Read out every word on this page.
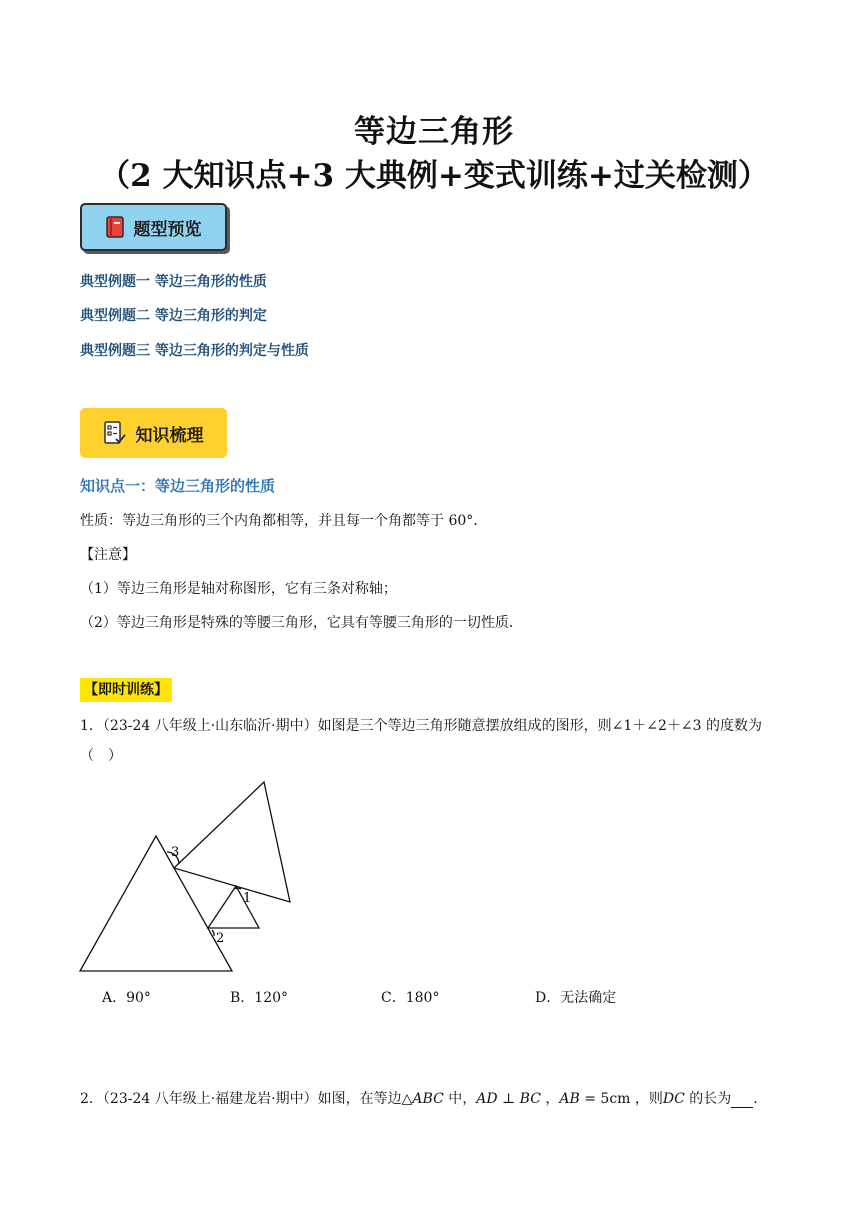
等边三角形
（2 大知识点+3 大典例+变式训练+过关检测）
题型预览
典型例题一 等边三角形的性质
典型例题二 等边三角形的判定
典型例题三 等边三角形的判定与性质
知识梳理
知识点一：等边三角形的性质
性质：等边三角形的三个内角都相等，并且每一个角都等于 60°．
【注意】
（1）等边三角形是轴对称图形，它有三条对称轴；
（2）等边三角形是特殊的等腰三角形，它具有等腰三角形的一切性质．
【即时训练】
1．（23-24 八年级上·山东临沂·期中）如图是三个等边三角形随意摆放组成的图形，则∠1＋∠2＋∠3 的度数为（　）
3
1
2
A．90°	B．120°	C．180°	D．无法确定
2．（23-24 八年级上·福建龙岩·期中）如图，在等边△ABC 中，AD ⊥ BC ，AB = 5cm ，则DC 的长为 ．
